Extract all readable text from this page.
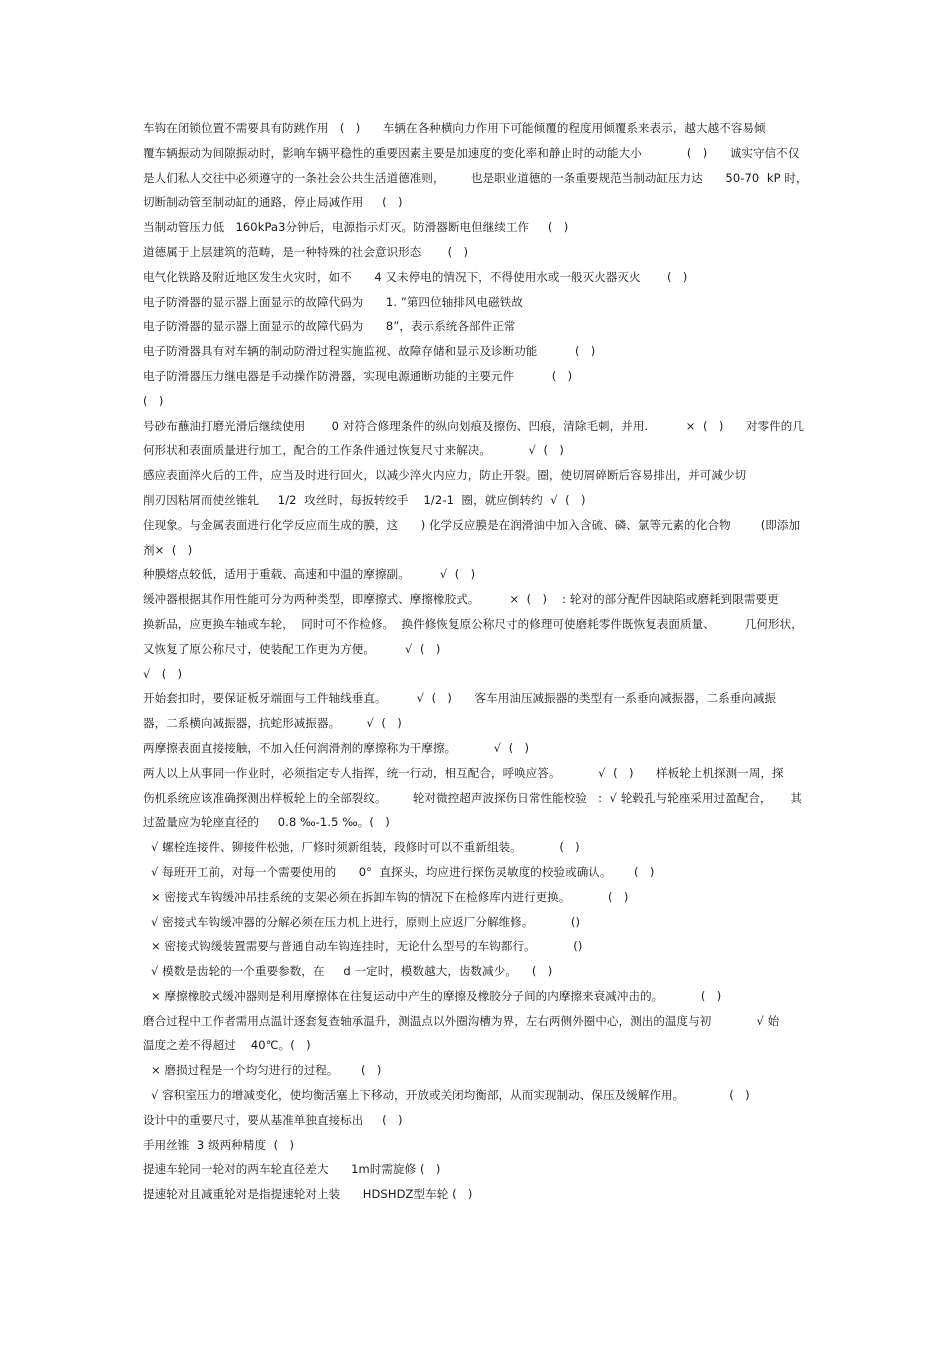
车钩在闭锁位置不需要具有防跳作用   (   )      车辆在各种横向力作用下可能倾覆的程度用倾覆系来表示，越大越不容易倾
覆车辆振动为间隙振动时，影响车辆平稳性的重要因素主要是加速度的变化率和静止时的动能大小            (   )      诚实守信不仅
是人们私人交往中必须遵守的一条社会公共生活道德准则，       也是职业道德的一条重要规范当制动缸压力达      50-70  kP 时，
切断制动管至制动缸的通路，停止局减作用     (   )
当制动管压力低   160kPa3分钟后，电源指示灯灭。防滑器断电但继续工作     (   )
道德属于上层建筑的范畴，是一种特殊的社会意识形态       (   )
电气化铁路及附近地区发生火灾时，如不      4 又未停电的情况下，不得使用水或一般灭火器灭火       (   )
电子防滑器的显示器上面显示的故障代码为      1. ”第四位轴排风电磁铁故
电子防滑器的显示器上面显示的故障代码为      8”，表示系统各部件正常
电子防滑器具有对车辆的制动防滑过程实施监视、故障存储和显示及诊断功能          (   )
电子防滑器压力继电器是手动操作防滑器，实现电源通断功能的主要元件          (   )
(   )
号砂布蘸油打磨光滑后继续使用       0 对符合修理条件的纵向划痕及擦伤、凹痕，清除毛刺，并用.          ×  (   )      对零件的几
何形状和表面质量进行加工，配合的工作条件通过恢复尺寸来解决。          √  (   )
感应表面淬火后的工件，应当及时进行回火，以减少淬火内应力，防止开裂。圈，使切屑碎断后容易排出，并可减少切
削刃因粘屑而使丝锥轧     1/2  攻丝时，每扳转绞手    1/2-1  圈，就应倒转约  √  (   )
住现象。与金属表面进行化学反应而生成的膜，这      ) 化学反应膜是在润滑油中加入含硫、磷、氯等元素的化合物        (即添加
剂×  (   )
种膜熔点较低，适用于重载、高速和中温的摩擦副。        √  (   )
缓冲器根据其作用性能可分为两种类型，即摩擦式、摩擦橡胶式。        ×  (   )    : 轮对的部分配件因缺陷或磨耗到限需要更
换新品，应更换车轴或车轮，  同时可不作检修。  换件修恢复原公称尺寸的修理可使磨耗零件既恢复表面质量、        几何形状，
又恢复了原公称尺寸，使装配工作更为方便。        √  (   )
√   (   )
开始套扣时，要保证板牙端面与工件轴线垂直。        √  (   )      客车用油压减振器的类型有一系垂向减振器，二系垂向减振
器，二系横向减振器，抗蛇形减振器。       √  (   )
两摩擦表面直接接触，不加入任何润滑剂的摩擦称为干摩擦。          √  (   )
两人以上从事同一作业时，必须指定专人指挥，统一行动，相互配合，呼唤应答。          √  (   )      样板轮上机探测一周，探
伤机系统应该准确探测出样板轮上的全部裂纹。       轮对微控超声波探伤日常性能校验   :  √ 轮毂孔与轮座采用过盈配合，     其
过盈量应为轮座直径的     0.8 ‰-1.5 ‰。(   )
√ 螺栓连接件、铆接件松弛，厂修时须新组装，段修时可以不重新组装。          (   )
√ 每班开工前，对每一个需要使用的      0°  直探头，均应进行探伤灵敏度的校验或确认。      (   )
× 密接式车钩缓冲吊挂系统的支架必须在拆卸车钩的情况下在检修库内进行更换。          (   )
√ 密接式车钩缓冲器的分解必须在压力机上进行，原则上应返厂分解维修。          ()
× 密接式钩缓装置需要与普通自动车钩连挂时，无论什么型号的车钩都行。          ()
√ 模数是齿轮的一个重要参数，在     d 一定时，模数越大，齿数减少。    (   )
× 摩擦橡胶式缓冲器则是利用摩擦体在往复运动中产生的摩擦及橡胶分子间的内摩擦来衰减冲击的。          (   )
磨合过程中工作者需用点温计逐套复查轴承温升，测温点以外圈沟槽为界，左右两侧外圈中心，测出的温度与初            √ 始
温度之差不得超过    40℃。(   )
× 磨损过程是一个均匀进行的过程。      (   )
√ 容积室压力的增减变化，使均衡活塞上下移动，开放或关闭均衡部，从而实现制动、保压及缓解作用。            (   )
设计中的重要尺寸，要从基准单独直接标出     (   )
手用丝锥  3 级两种精度  (   )
提速车轮同一轮对的两车轮直径差大      1m时需旋修 (   )
提速轮对且减重轮对是指提速轮对上装      HDSHDZ型车轮 (   )
